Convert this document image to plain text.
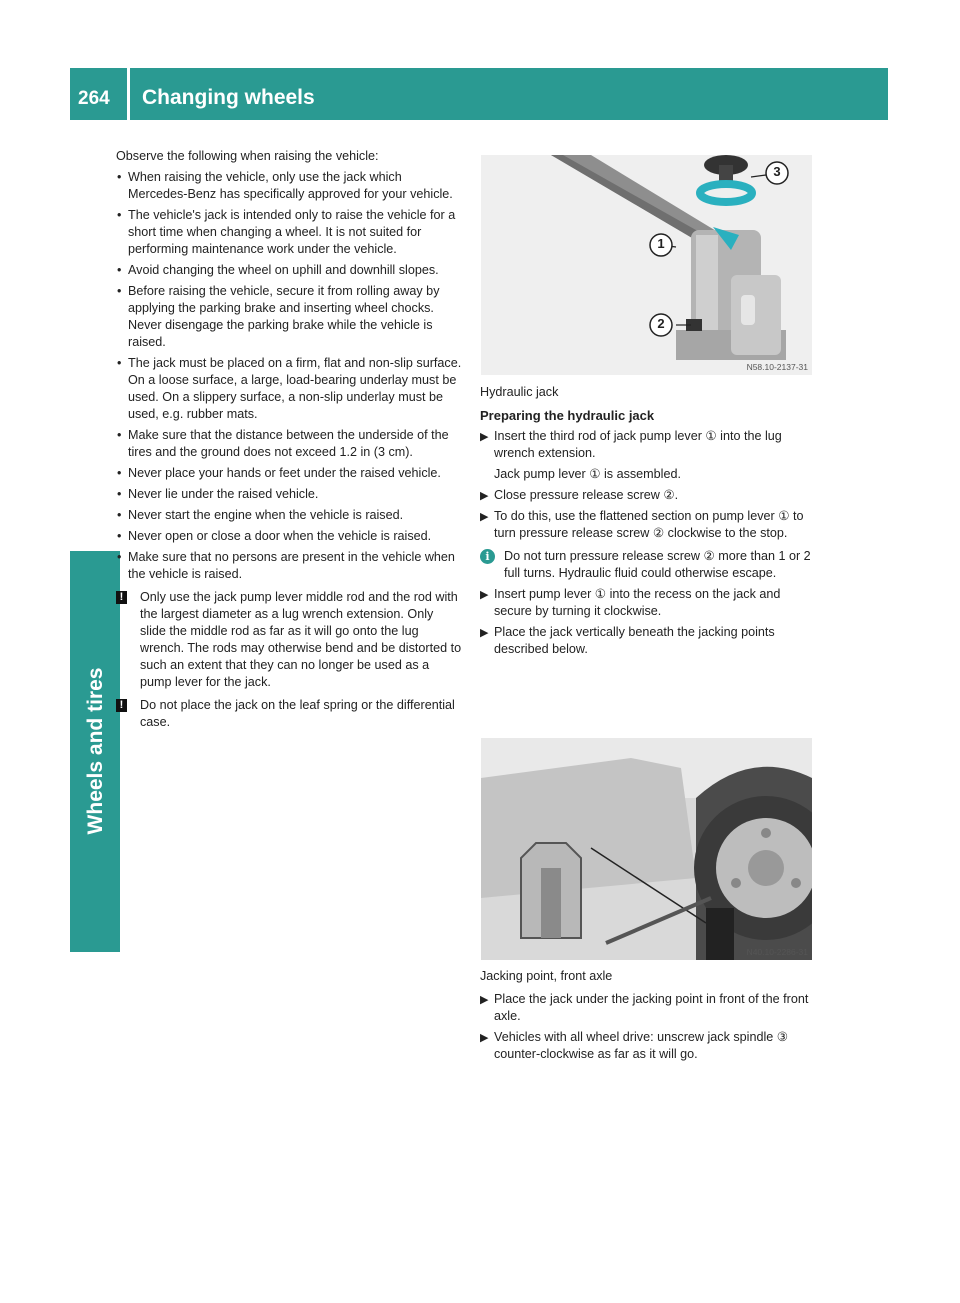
264 Changing wheels
Wheels and tires

Observe the following when raising the vehicle:

• When raising the vehicle, only use the jack which Mercedes-Benz has specifically approved for your vehicle.
• The vehicle's jack is intended only to raise the vehicle for a short time when changing a wheel. It is not suited for performing maintenance work under the vehicle.
• Avoid changing the wheel on uphill and downhill slopes.
• Before raising the vehicle, secure it from rolling away by applying the parking brake and inserting wheel chocks. Never disengage the parking brake while the vehicle is raised.
• The jack must be placed on a firm, flat and non-slip surface. On a loose surface, a large, load-bearing underlay must be used. On a slippery surface, a non-slip underlay must be used, e.g. rubber mats.
• Make sure that the distance between the underside of the tires and the ground does not exceed 1.2 in (3 cm).
• Never place your hands or feet under the raised vehicle.
• Never lie under the raised vehicle.
• Never start the engine when the vehicle is raised.
• Never open or close a door when the vehicle is raised.
• Make sure that no persons are present in the vehicle when the vehicle is raised.
! Only use the jack pump lever middle rod and the rod with the largest diameter as a lug wrench extension. Only slide the middle rod as far as it will go onto the lug wrench. The rods may otherwise bend and be distorted to such an extent that they can no longer be used as a pump lever for the jack.
! Do not place the jack on the leaf spring or the differential case.
1
2
3
N58.10-2137-31

Hydraulic jack

Preparing the hydraulic jack

▶ Insert the third rod of jack pump lever ① into the lug wrench extension.
Jack pump lever ① is assembled.
▶ Close pressure release screw ②.
▶ To do this, use the flattened section on pump lever ① to turn pressure release screw ② clockwise to the stop.
i	Do not turn pressure release screw ② more than 1 or 2 full turns. Hydraulic fluid could otherwise escape.
▶ Insert pump lever ① into the recess on the jack and secure by turning it clockwise.
▶ Place the jack vertically beneath the jacking points described below.
N40.10-2286-31

Jacking point, front axle

▶ Place the jack under the jacking point in front of the front axle.
▶ Vehicles with all wheel drive: unscrew jack spindle ③ counter-clockwise as far as it will go.
